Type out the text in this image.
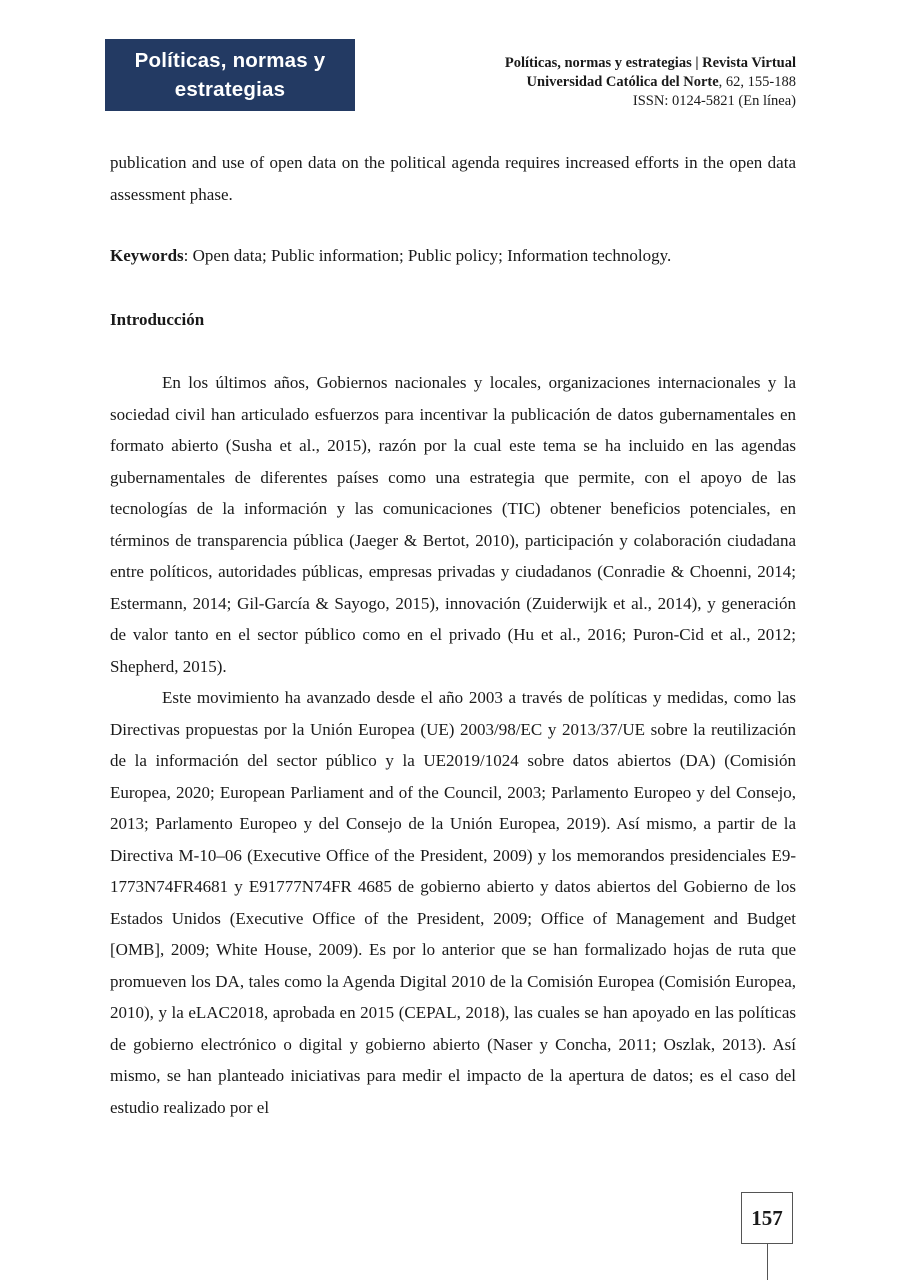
Políticas, normas y
estrategias
Políticas, normas y estrategias | Revista Virtual
Universidad Católica del Norte, 62, 155-188
ISSN: 0124-5821 (En línea)

publication and use of open data on the political agenda requires increased efforts in the open data assessment phase.

Keywords: Open data; Public information; Public policy; Information technology.

Introducción

En los últimos años, Gobiernos nacionales y locales, organizaciones internacionales y la sociedad civil han articulado esfuerzos para incentivar la publicación de datos gubernamentales en formato abierto (Susha et al., 2015), razón por la cual este tema se ha incluido en las agendas gubernamentales de diferentes países como una estrategia que permite, con el apoyo de las tecnologías de la información y las comunicaciones (TIC) obtener beneficios potenciales, en términos de transparencia pública (Jaeger & Bertot, 2010), participación y colaboración ciudadana entre políticos, autoridades públicas, empresas privadas y ciudadanos (Conradie & Choenni, 2014; Estermann, 2014; Gil-García & Sayogo, 2015), innovación (Zuiderwijk et al., 2014), y generación de valor tanto en el sector público como en el privado (Hu et al., 2016; Puron-Cid et al., 2012; Shepherd, 2015).

Este movimiento ha avanzado desde el año 2003 a través de políticas y medidas, como las Directivas propuestas por la Unión Europea (UE) 2003/98/EC y 2013/37/UE sobre la reutilización de la información del sector público y la UE2019/1024 sobre datos abiertos (DA) (Comisión Europea, 2020; European Parliament and of the Council, 2003; Parlamento Europeo y del Consejo, 2013; Parlamento Europeo y del Consejo de la Unión Europea, 2019). Así mismo, a partir de la Directiva M-10–06 (Executive Office of the President, 2009) y los memorandos presidenciales E9-1773N74FR4681 y E91777N74FR 4685 de gobierno abierto y datos abiertos del Gobierno de los Estados Unidos (Executive Office of the President, 2009; Office of Management and Budget [OMB], 2009; White House, 2009). Es por lo anterior que se han formalizado hojas de ruta que promueven los DA, tales como la Agenda Digital 2010 de la Comisión Europea (Comisión Europea, 2010), y la eLAC2018, aprobada en 2015 (CEPAL, 2018), las cuales se han apoyado en las políticas de gobierno electrónico o digital y gobierno abierto (Naser y Concha, 2011; Oszlak, 2013). Así mismo, se han planteado iniciativas para medir el impacto de la apertura de datos; es el caso del estudio realizado por el

157
